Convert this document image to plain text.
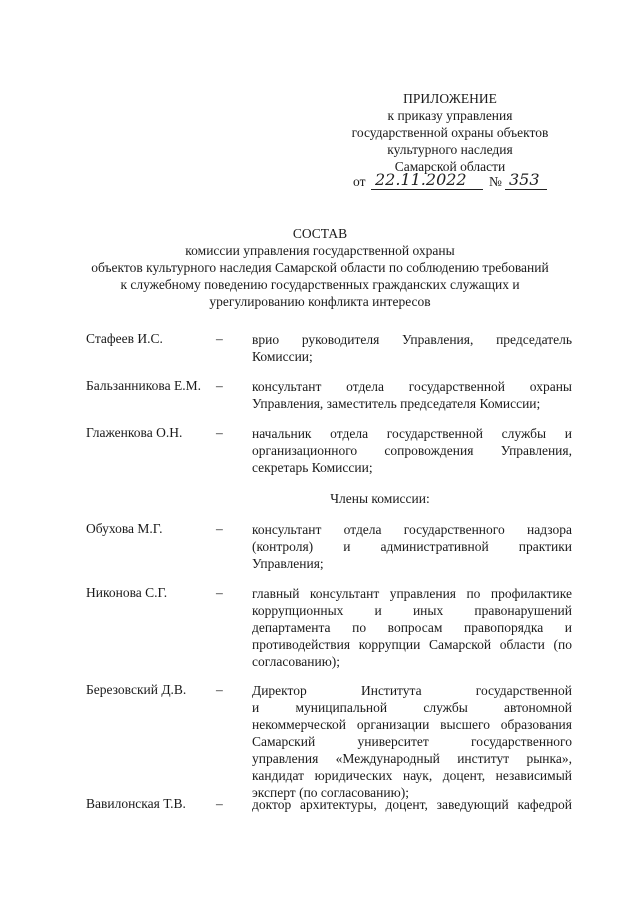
ПРИЛОЖЕНИЕ
к приказу управления
государственной охраны объектов
культурного наследия
Самарской области
от 22.11.2022 № 353
СОСТАВ
комиссии управления государственной охраны
объектов культурного наследия Самарской области по соблюдению требований
к служебному поведению государственных гражданских служащих и
урегулированию конфликта интересов
Стафеев И.С.	– врио руководителя Управления, председатель
Комиссии;
Бальзанникова Е.М. – консультант отдела государственной охраны
Управления, заместитель председателя Комиссии;
Глаженкова О.Н. – начальник отдела государственной службы и
организационного сопровождения Управления,
секретарь Комиссии;
Члены комиссии:
Обухова М.Г.	– консультант отдела государственного надзора
(контроля) и административной практики
Управления;
Никонова С.Г.	– главный консультант управления по профилактике
коррупционных и иных правонарушений
департамента по вопросам правопорядка и
противодействия коррупции Самарской области (по
согласованию);
Березовский Д.В. – Директор Института государственной
и муниципальной службы автономной
некоммерческой организации высшего образования
Самарский университет государственного
управления «Международный институт рынка»,
кандидат юридических наук, доцент, независимый
эксперт (по согласованию);
Вавилонская Т.В. – доктор архитектуры, доцент, заведующий кафедрой
